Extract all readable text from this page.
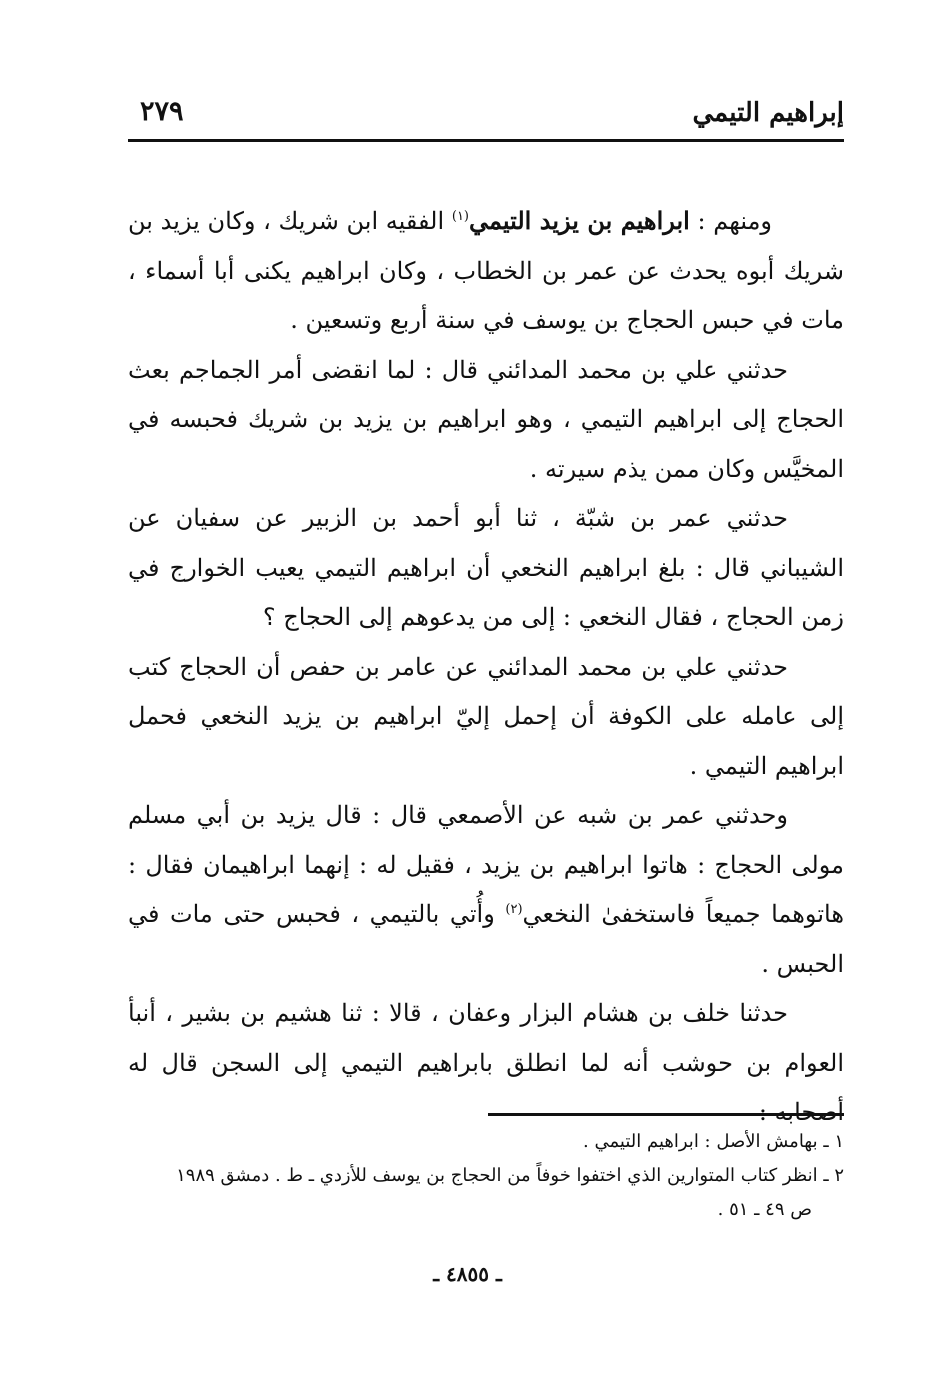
إبراهيم التيمي
٢٧٩

ومنهم : ابراهيم بن يزيد التيمي$^{(١)}$ الفقيه ابن شريك ، وكان يزيد بن شريك أبوه يحدث عن عمر بن الخطاب ، وكان ابراهيم يكنى أبا أسماء ، مات في حبس الحجاج بن يوسف في سنة أربع وتسعين .

حدثني علي بن محمد المدائني قال : لما انقضى أمر الجماجم بعث الحجاج إلى ابراهيم التيمي ، وهو ابراهيم بن يزيد بن شريك فحبسه في المخيَّس وكان ممن يذم سيرته .

حدثني عمر بن شبّة ، ثنا أبو أحمد بن الزبير عن سفيان عن الشيباني قال : بلغ ابراهيم النخعي أن ابراهيم التيمي يعيب الخوارج في زمن الحجاج ، فقال النخعي : إلى من يدعوهم إلى الحجاج ؟

حدثني علي بن محمد المدائني عن عامر بن حفص أن الحجاج كتب إلى عامله على الكوفة أن إحمل إليّ ابراهيم بن يزيد النخعي فحمل ابراهيم التيمي .

وحدثني عمر بن شبه عن الأصمعي قال : قال يزيد بن أبي مسلم مولى الحجاج : هاتوا ابراهيم بن يزيد ، فقيل له : إنهما ابراهيمان فقال : هاتوهما جميعاً فاستخفىٰ النخعي$^{(٢)}$ وأُتي بالتيمي ، فحبس حتى مات في الحبس .

حدثنا خلف بن هشام البزار وعفان ، قالا : ثنا هشيم بن بشير ، أنبأ العوام بن حوشب أنه لما انطلق بابراهيم التيمي إلى السجن قال له أصحابه :

١ ـ بهامش الأصل : ابراهيم التيمي .

٢ ـ انظر كتاب المتوارين الذي اختفوا خوفاً من الحجاج بن يوسف للأزدي ـ ط . دمشق ١٩٨٩
ص ٤٩ ـ ٥١ .

ـ ٤٨٥٥ ـ
